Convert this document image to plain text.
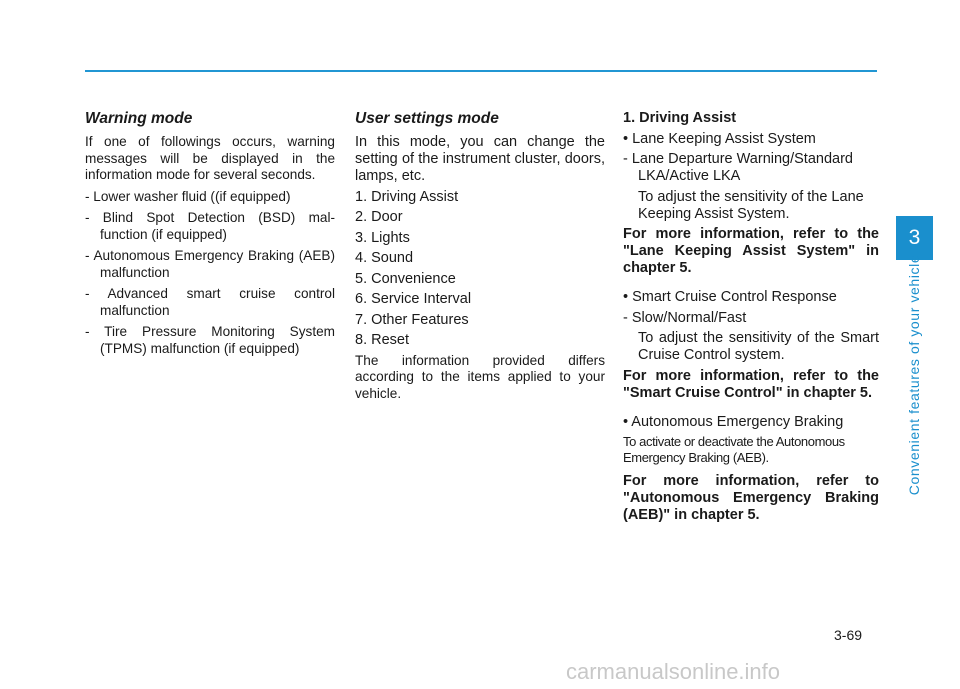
Warning mode

If one of followings occurs, warning messages will be displayed in the information mode for several seconds.

- Lower washer fluid ((if equipped)

- Blind Spot Detection (BSD) mal-function (if equipped)

- Autonomous Emergency Braking (AEB) malfunction

- Advanced smart cruise control malfunction

- Tire Pressure Monitoring System (TPMS) malfunction (if equipped)

User settings mode

In this mode, you can change the setting of the instrument cluster, doors, lamps, etc.

1. Driving Assist

2. Door

3. Lights

4. Sound

5. Convenience

6. Service Interval

7. Other Features

8. Reset

The information provided differs according to the items applied to your vehicle.

1. Driving Assist

• Lane Keeping Assist System

- Lane Departure Warning/Standard LKA/Active LKA

To adjust the sensitivity of the Lane Keeping Assist System.

For more information, refer to the "Lane Keeping Assist System" in chapter 5.

• Smart Cruise Control Response

- Slow/Normal/Fast

To adjust the sensitivity of the Smart Cruise Control system.

For more information, refer to the "Smart Cruise Control" in chapter 5.

• Autonomous Emergency Braking

To activate or deactivate the Autonomous Emergency Braking (AEB).

For more information, refer to "Autonomous Emergency Braking (AEB)" in chapter 5.

3
Convenient features of your vehicle
3-69
carmanualsonline.info
